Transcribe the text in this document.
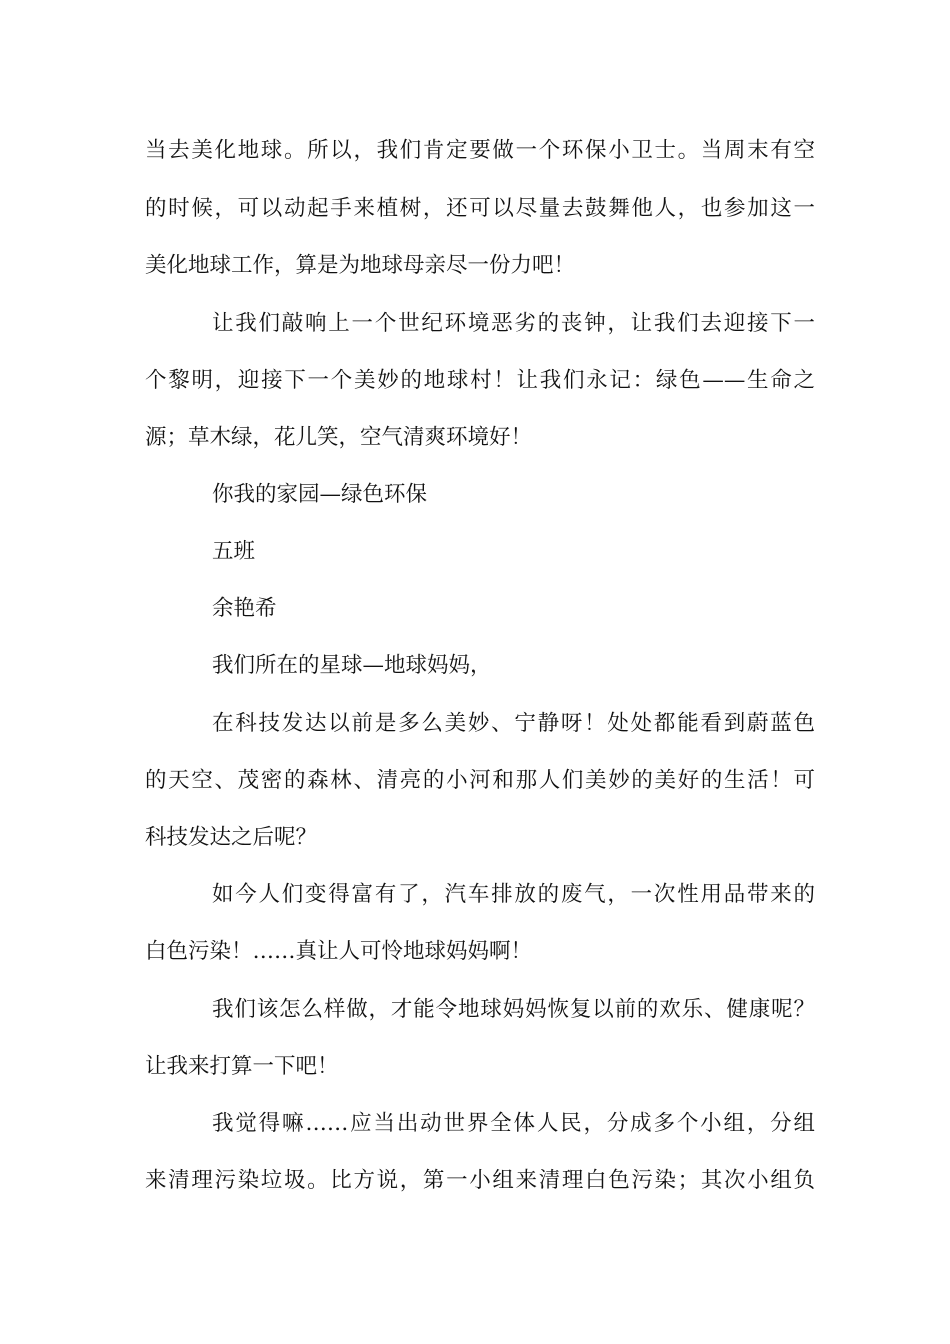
当去美化地球。所以，我们肯定要做一个环保小卫士。当周末有空
的时候，可以动起手来植树，还可以尽量去鼓舞他人，也参加这一
美化地球工作，算是为地球母亲尽一份力吧！
让我们敲响上一个世纪环境恶劣的丧钟，让我们去迎接下一
个黎明，迎接下一个美妙的地球村！让我们永记：绿色——生命之
源；草木绿，花儿笑，空气清爽环境好！
你我的家园—绿色环保
五班
余艳希
我们所在的星球—地球妈妈，
在科技发达以前是多么美妙、宁静呀！处处都能看到蔚蓝色
的天空、茂密的森林、清亮的小河和那人们美妙的美好的生活！可
科技发达之后呢？
如今人们变得富有了，汽车排放的废气，一次性用品带来的
白色污染！……真让人可怜地球妈妈啊！
我们该怎么样做，才能令地球妈妈恢复以前的欢乐、健康呢？
让我来打算一下吧！
我觉得嘛……应当出动世界全体人民，分成多个小组，分组
来清理污染垃圾。比方说，第一小组来清理白色污染；其次小组负
